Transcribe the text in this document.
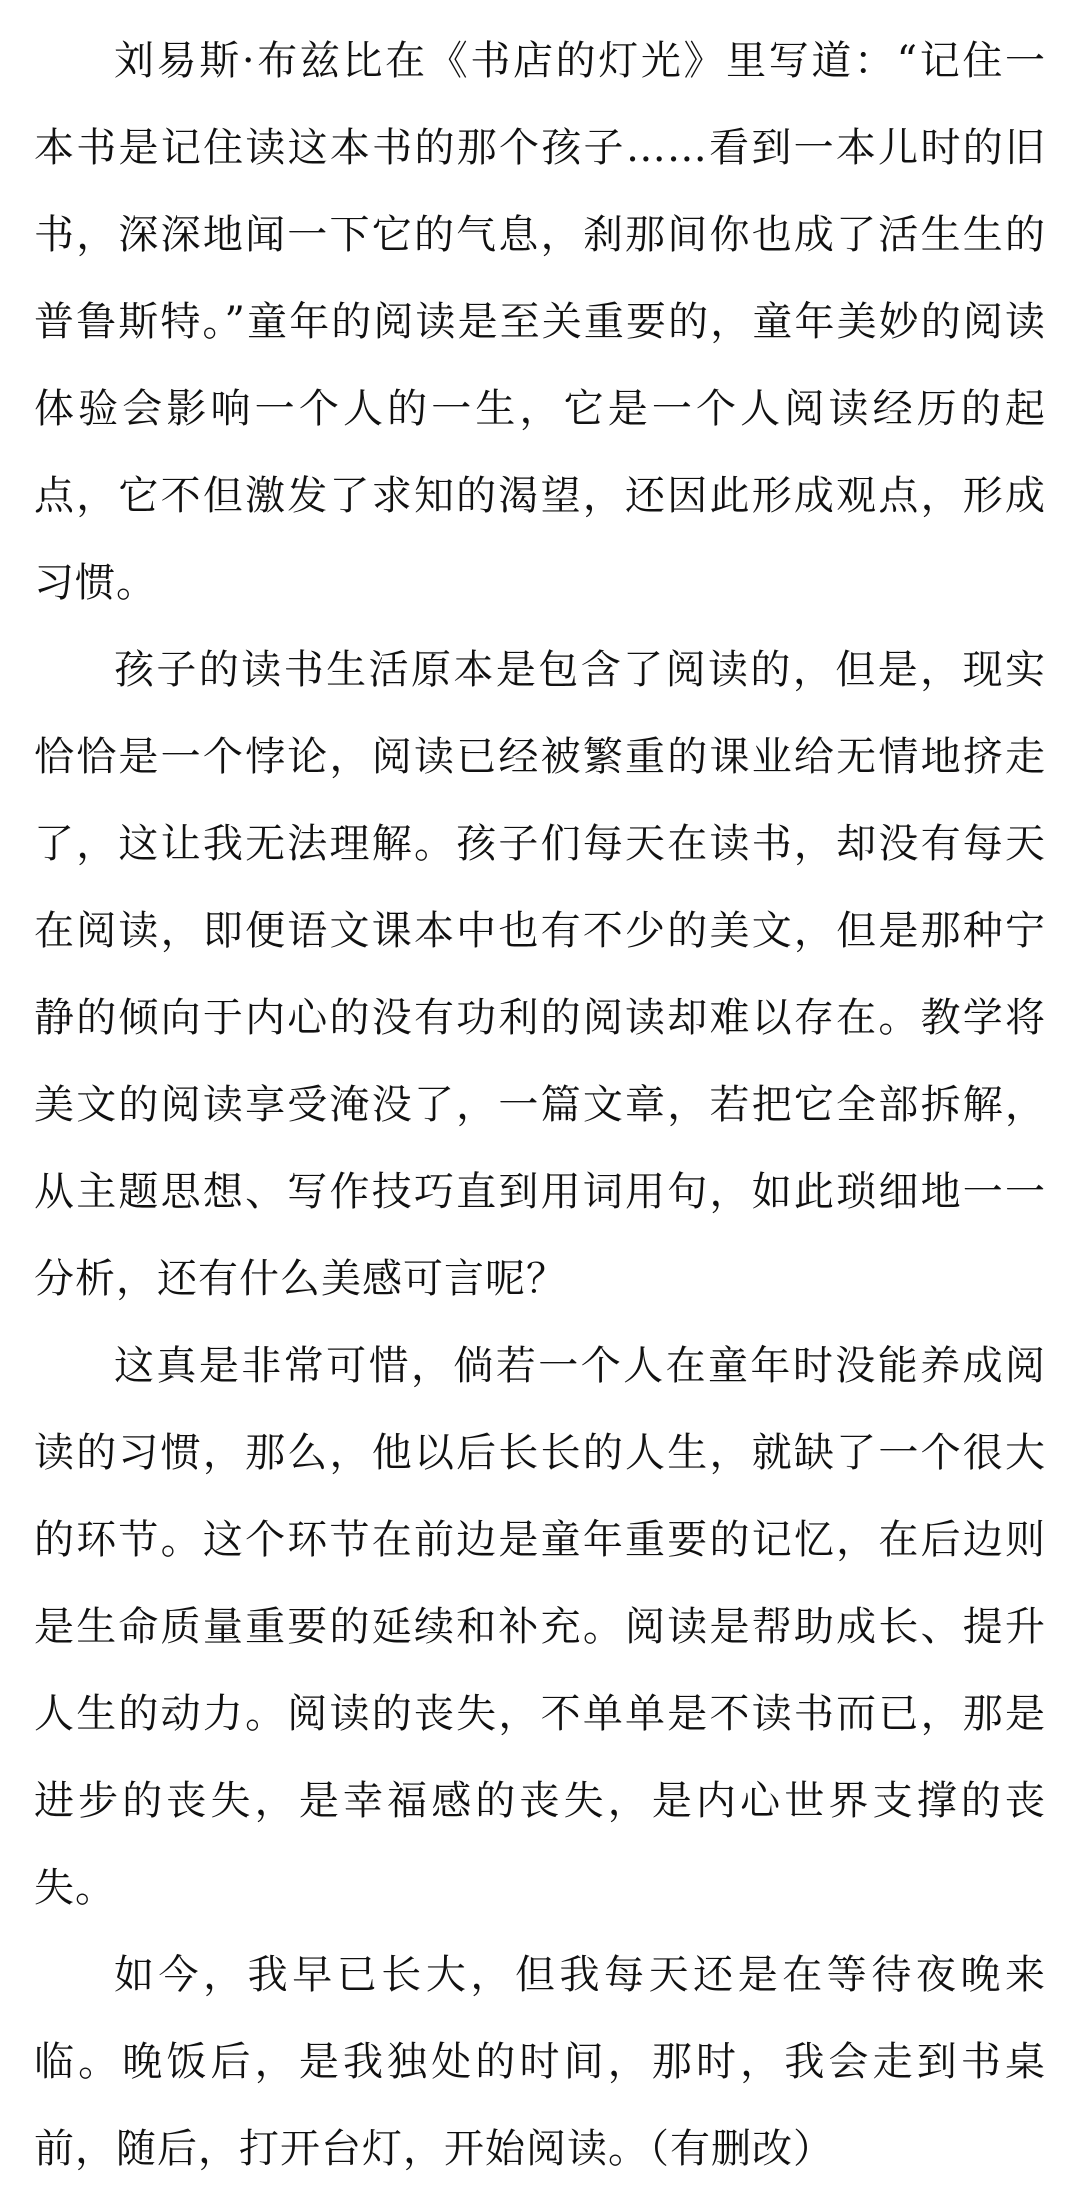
刘易斯·布兹比在《书店的灯光》里写道：“记住一本书是记住读这本书的那个孩子……看到一本儿时的旧书，深深地闻一下它的气息，刹那间你也成了活生生的普鲁斯特。”童年的阅读是至关重要的，童年美妙的阅读体验会影响一个人的一生，它是一个人阅读经历的起点，它不但激发了求知的渴望，还因此形成观点，形成习惯。

孩子的读书生活原本是包含了阅读的，但是，现实恰恰是一个悖论，阅读已经被繁重的课业给无情地挤走了，这让我无法理解。孩子们每天在读书，却没有每天在阅读，即便语文课本中也有不少的美文，但是那种宁静的倾向于内心的没有功利的阅读却难以存在。教学将美文的阅读享受淹没了，一篇文章，若把它全部拆解，从主题思想、写作技巧直到用词用句，如此琐细地一一分析，还有什么美感可言呢？

这真是非常可惜，倘若一个人在童年时没能养成阅读的习惯，那么，他以后长长的人生，就缺了一个很大的环节。这个环节在前边是童年重要的记忆，在后边则是生命质量重要的延续和补充。阅读是帮助成长、提升人生的动力。阅读的丧失，不单单是不读书而已，那是进步的丧失，是幸福感的丧失，是内心世界支撑的丧失。

如今，我早已长大，但我每天还是在等待夜晚来临。晚饭后，是我独处的时间，那时，我会走到书桌前，随后，打开台灯，开始阅读。（有删改）
